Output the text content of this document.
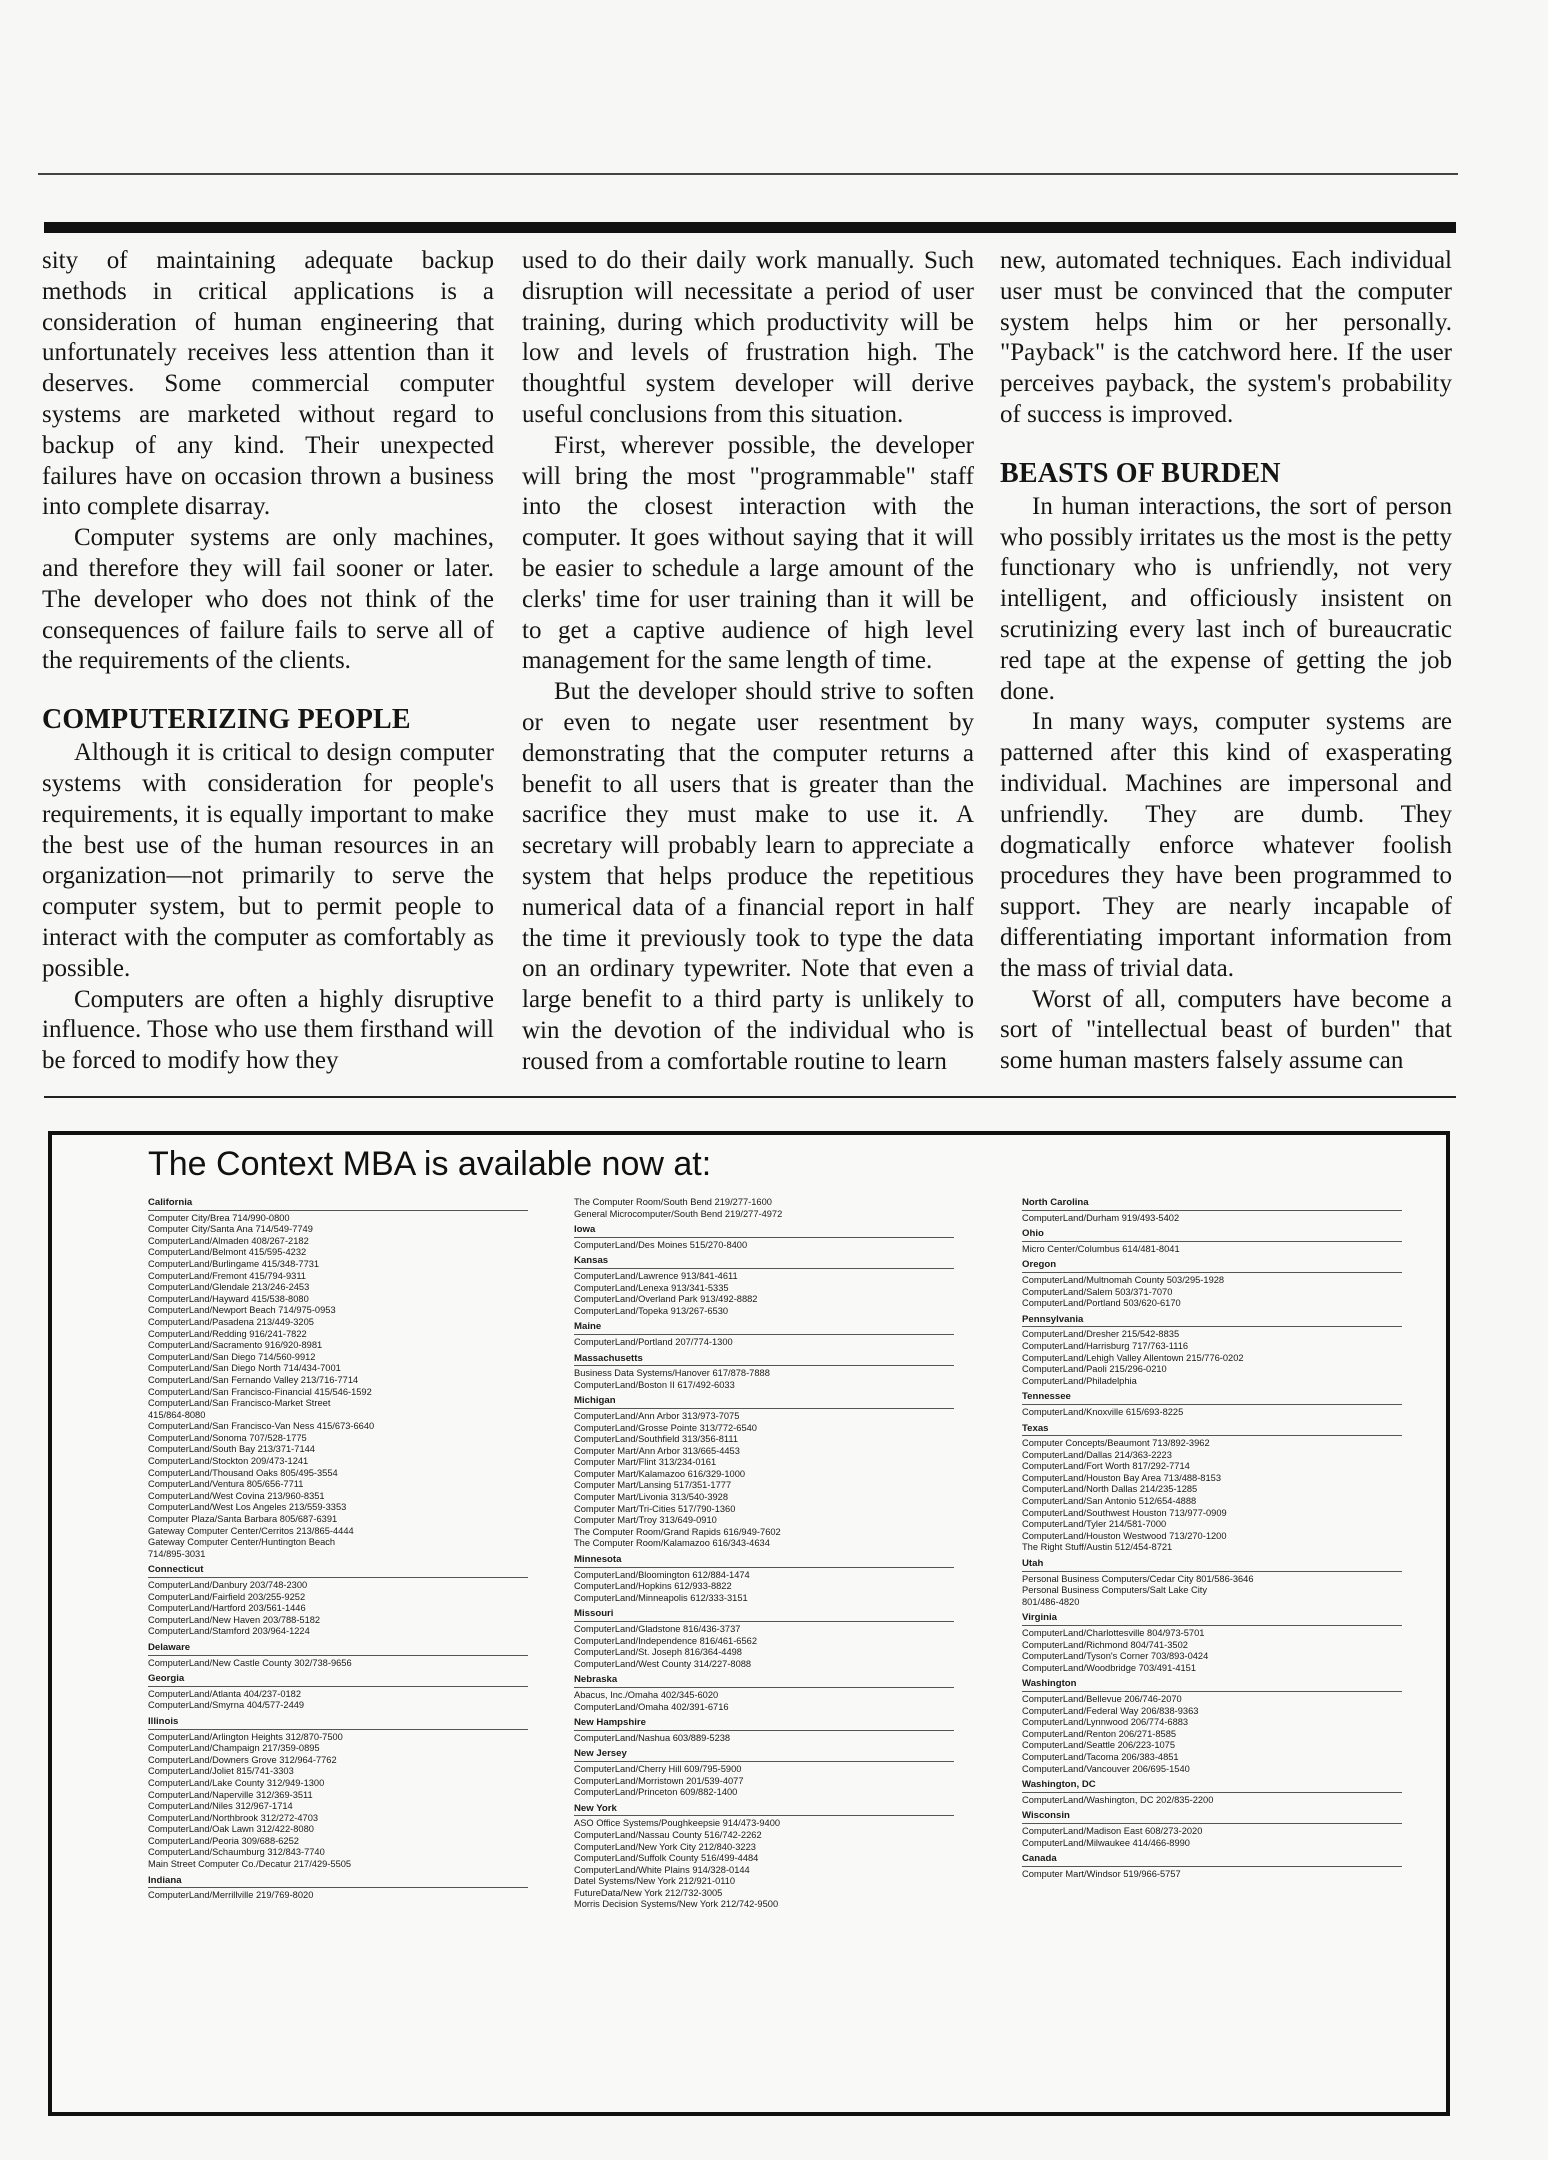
sity of maintaining adequate backup methods in critical applications is a consideration of human engineering that unfortunately receives less attention than it deserves. Some commercial computer systems are marketed without regard to backup of any kind. Their unexpected failures have on occasion thrown a business into complete disarray.

Computer systems are only machines, and therefore they will fail sooner or later. The developer who does not think of the consequences of failure fails to serve all of the requirements of the clients.

COMPUTERIZING PEOPLE

Although it is critical to design computer systems with consideration for people's requirements, it is equally important to make the best use of the human resources in an organization—not primarily to serve the computer system, but to permit people to interact with the computer as comfortably as possible.

Computers are often a highly disruptive influence. Those who use them firsthand will be forced to modify how they

used to do their daily work manually. Such disruption will necessitate a period of user training, during which productivity will be low and levels of frustration high. The thoughtful system developer will derive useful conclusions from this situation.

First, wherever possible, the developer will bring the most "programmable" staff into the closest interaction with the computer. It goes without saying that it will be easier to schedule a large amount of the clerks' time for user training than it will be to get a captive audience of high level management for the same length of time.

But the developer should strive to soften or even to negate user resentment by demonstrating that the computer returns a benefit to all users that is greater than the sacrifice they must make to use it. A secretary will probably learn to appreciate a system that helps produce the repetitious numerical data of a financial report in half the time it previously took to type the data on an ordinary typewriter. Note that even a large benefit to a third party is unlikely to win the devotion of the individual who is roused from a comfortable routine to learn

new, automated techniques. Each individual user must be convinced that the computer system helps him or her personally. "Payback" is the catchword here. If the user perceives payback, the system's probability of success is improved.

BEASTS OF BURDEN

In human interactions, the sort of person who possibly irritates us the most is the petty functionary who is unfriendly, not very intelligent, and officiously insistent on scrutinizing every last inch of bureaucratic red tape at the expense of getting the job done.

In many ways, computer systems are patterned after this kind of exasperating individual. Machines are impersonal and unfriendly. They are dumb. They dogmatically enforce whatever foolish procedures they have been programmed to support. They are nearly incapable of differentiating important information from the mass of trivial data.

Worst of all, computers have become a sort of "intellectual beast of burden" that some human masters falsely assume can

The Context MBA is available now at:
California
Computer City/Brea 714/990-0800
Computer City/Santa Ana 714/549-7749
ComputerLand/Almaden 408/267-2182
ComputerLand/Belmont 415/595-4232
ComputerLand/Burlingame 415/348-7731
ComputerLand/Fremont 415/794-9311
ComputerLand/Glendale 213/246-2453
ComputerLand/Hayward 415/538-8080
ComputerLand/Newport Beach 714/975-0953
ComputerLand/Pasadena 213/449-3205
ComputerLand/Redding 916/241-7822
ComputerLand/Sacramento 916/920-8981
ComputerLand/San Diego 714/560-9912
ComputerLand/San Diego North 714/434-7001
ComputerLand/San Fernando Valley 213/716-7714
ComputerLand/San Francisco-Financial 415/546-1592
ComputerLand/San Francisco-Market Street
415/864-8080
ComputerLand/San Francisco-Van Ness 415/673-6640
ComputerLand/Sonoma 707/528-1775
ComputerLand/South Bay 213/371-7144
ComputerLand/Stockton 209/473-1241
ComputerLand/Thousand Oaks 805/495-3554
ComputerLand/Ventura 805/656-7711
ComputerLand/West Covina 213/960-8351
ComputerLand/West Los Angeles 213/559-3353
Computer Plaza/Santa Barbara 805/687-6391
Gateway Computer Center/Cerritos 213/865-4444
Gateway Computer Center/Huntington Beach
714/895-3031
Connecticut
ComputerLand/Danbury 203/748-2300
ComputerLand/Fairfield 203/255-9252
ComputerLand/Hartford 203/561-1446
ComputerLand/New Haven 203/788-5182
ComputerLand/Stamford 203/964-1224
Delaware
ComputerLand/New Castle County 302/738-9656
Georgia
ComputerLand/Atlanta 404/237-0182
ComputerLand/Smyrna 404/577-2449
Illinois
ComputerLand/Arlington Heights 312/870-7500
ComputerLand/Champaign 217/359-0895
ComputerLand/Downers Grove 312/964-7762
ComputerLand/Joliet 815/741-3303
ComputerLand/Lake County 312/949-1300
ComputerLand/Naperville 312/369-3511
ComputerLand/Niles 312/967-1714
ComputerLand/Northbrook 312/272-4703
ComputerLand/Oak Lawn 312/422-8080
ComputerLand/Peoria 309/688-6252
ComputerLand/Schaumburg 312/843-7740
Main Street Computer Co./Decatur 217/429-5505
Indiana
ComputerLand/Merrillville 219/769-8020
The Computer Room/South Bend 219/277-1600
General Microcomputer/South Bend 219/277-4972
Iowa
ComputerLand/Des Moines 515/270-8400
Kansas
ComputerLand/Lawrence 913/841-4611
ComputerLand/Lenexa 913/341-5335
ComputerLand/Overland Park 913/492-8882
ComputerLand/Topeka 913/267-6530
Maine
ComputerLand/Portland 207/774-1300
Massachusetts
Business Data Systems/Hanover 617/878-7888
ComputerLand/Boston II 617/492-6033
Michigan
ComputerLand/Ann Arbor 313/973-7075
ComputerLand/Grosse Pointe 313/772-6540
ComputerLand/Southfield 313/356-8111
Computer Mart/Ann Arbor 313/665-4453
Computer Mart/Flint 313/234-0161
Computer Mart/Kalamazoo 616/329-1000
Computer Mart/Lansing 517/351-1777
Computer Mart/Livonia 313/540-3928
Computer Mart/Tri-Cities 517/790-1360
Computer Mart/Troy 313/649-0910
The Computer Room/Grand Rapids 616/949-7602
The Computer Room/Kalamazoo 616/343-4634
Minnesota
ComputerLand/Bloomington 612/884-1474
ComputerLand/Hopkins 612/933-8822
ComputerLand/Minneapolis 612/333-3151
Missouri
ComputerLand/Gladstone 816/436-3737
ComputerLand/Independence 816/461-6562
ComputerLand/St. Joseph 816/364-4498
ComputerLand/West County 314/227-8088
Nebraska
Abacus, Inc./Omaha 402/345-6020
ComputerLand/Omaha 402/391-6716
New Hampshire
ComputerLand/Nashua 603/889-5238
New Jersey
ComputerLand/Cherry Hill 609/795-5900
ComputerLand/Morristown 201/539-4077
ComputerLand/Princeton 609/882-1400
New York
ASO Office Systems/Poughkeepsie 914/473-9400
ComputerLand/Nassau County 516/742-2262
ComputerLand/New York City 212/840-3223
ComputerLand/Suffolk County 516/499-4484
ComputerLand/White Plains 914/328-0144
Datel Systems/New York 212/921-0110
FutureData/New York 212/732-3005
Morris Decision Systems/New York 212/742-9500
North Carolina
ComputerLand/Durham 919/493-5402
Ohio
Micro Center/Columbus 614/481-8041
Oregon
ComputerLand/Multnomah County 503/295-1928
ComputerLand/Salem 503/371-7070
ComputerLand/Portland 503/620-6170
Pennsylvania
ComputerLand/Dresher 215/542-8835
ComputerLand/Harrisburg 717/763-1116
ComputerLand/Lehigh Valley Allentown 215/776-0202
ComputerLand/Paoli 215/296-0210
ComputerLand/Philadelphia
Tennessee
ComputerLand/Knoxville 615/693-8225
Texas
Computer Concepts/Beaumont 713/892-3962
ComputerLand/Dallas 214/363-2223
ComputerLand/Fort Worth 817/292-7714
ComputerLand/Houston Bay Area 713/488-8153
ComputerLand/North Dallas 214/235-1285
ComputerLand/San Antonio 512/654-4888
ComputerLand/Southwest Houston 713/977-0909
ComputerLand/Tyler 214/581-7000
ComputerLand/Houston Westwood 713/270-1200
The Right Stuff/Austin 512/454-8721
Utah
Personal Business Computers/Cedar City 801/586-3646
Personal Business Computers/Salt Lake City
801/486-4820
Virginia
ComputerLand/Charlottesville 804/973-5701
ComputerLand/Richmond 804/741-3502
ComputerLand/Tyson's Corner 703/893-0424
ComputerLand/Woodbridge 703/491-4151
Washington
ComputerLand/Bellevue 206/746-2070
ComputerLand/Federal Way 206/838-9363
ComputerLand/Lynnwood 206/774-6883
ComputerLand/Renton 206/271-8585
ComputerLand/Seattle 206/223-1075
ComputerLand/Tacoma 206/383-4851
ComputerLand/Vancouver 206/695-1540
Washington, DC
ComputerLand/Washington, DC 202/835-2200
Wisconsin
ComputerLand/Madison East 608/273-2020
ComputerLand/Milwaukee 414/466-8990
Canada
Computer Mart/Windsor 519/966-5757
